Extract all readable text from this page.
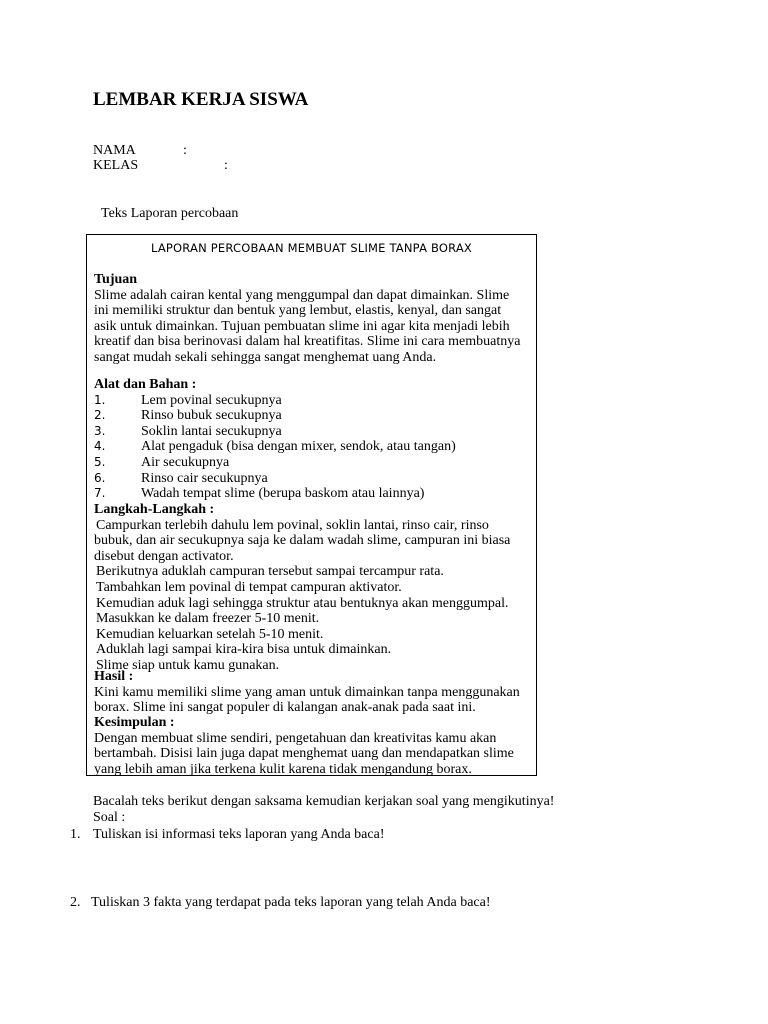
LEMBAR KERJA SISWA
NAMA	:
KELAS	:
Teks Laporan percobaan
LAPORAN PERCOBAAN MEMBUAT SLIME TANPA BORAX
Tujuan
Slime adalah cairan kental yang menggumpal dan dapat dimainkan. Slime
ini memiliki struktur dan bentuk yang lembut, elastis, kenyal, dan sangat
asik untuk dimainkan. Tujuan pembuatan slime ini agar kita menjadi lebih
kreatif dan bisa berinovasi dalam hal kreatifitas. Slime ini cara membuatnya
sangat mudah sekali sehingga sangat menghemat uang Anda.
Alat dan Bahan :
1.	Lem povinal secukupnya
2.	Rinso bubuk secukupnya
3.	Soklin lantai secukupnya
4.	Alat pengaduk (bisa dengan mixer, sendok, atau tangan)
5.	Air secukupnya
6.	Rinso cair secukupnya
7.	Wadah tempat slime (berupa baskom atau lainnya)
Langkah-Langkah :
Campurkan terlebih dahulu lem povinal, soklin lantai, rinso cair, rinso
bubuk, dan air secukupnya saja ke dalam wadah slime, campuran ini biasa
disebut dengan activator.
Berikutnya aduklah campuran tersebut sampai tercampur rata.
Tambahkan lem povinal di tempat campuran aktivator.
Kemudian aduk lagi sehingga struktur atau bentuknya akan menggumpal.
Masukkan ke dalam freezer 5-10 menit.
Kemudian keluarkan setelah 5-10 menit.
Aduklah lagi sampai kira-kira bisa untuk dimainkan.
Slime siap untuk kamu gunakan.
Hasil :
Kini kamu memiliki slime yang aman untuk dimainkan tanpa menggunakan
borax. Slime ini sangat populer di kalangan anak-anak pada saat ini.
Kesimpulan :
Dengan membuat slime sendiri, pengetahuan dan kreativitas kamu akan
bertambah. Disisi lain juga dapat menghemat uang dan mendapatkan slime
yang lebih aman jika terkena kulit karena tidak mengandung borax.
Bacalah teks berikut dengan saksama kemudian kerjakan soal yang mengikutinya!
Soal :
1. Tuliskan isi informasi teks laporan yang Anda baca!
2. Tuliskan 3 fakta yang terdapat pada teks laporan yang telah Anda baca!
